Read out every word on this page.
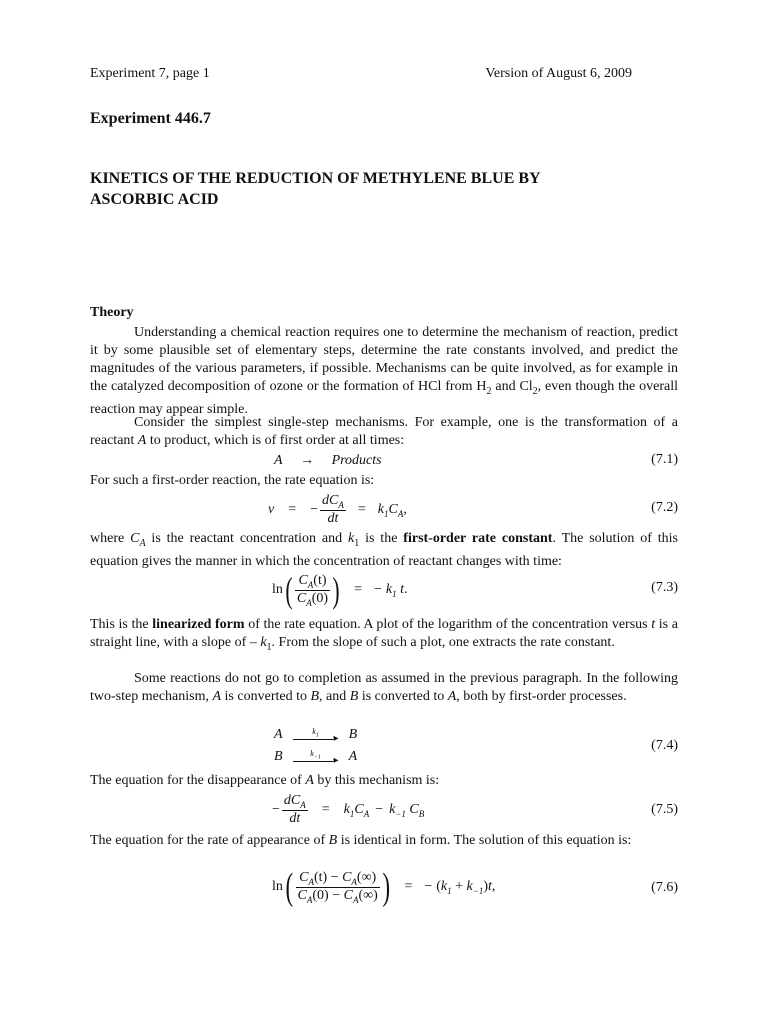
Experiment 7, page 1	Version of August 6, 2009
Experiment 446.7
KINETICS OF THE REDUCTION OF METHYLENE BLUE BY
ASCORBIC ACID
Theory

Understanding a chemical reaction requires one to determine the mechanism of reaction, predict it by some plausible set of elementary steps, determine the rate constants involved, and predict the magnitudes of the various parameters, if possible. Mechanisms can be quite involved, as for example in the catalyzed decomposition of ozone or the formation of HCl from $H_2$ and $Cl_2$, even though the overall reaction may appear simple.

Consider the simplest single-step mechanisms. For example, one is the transformation of a reactant A to product, which is of first order at all times:

A → Products	(7.1)

For such a first-order reaction, the rate equation is:

v = − $\frac{dC_A}{dt} = k_1C_A$ ,	(7.2)

where $C_A$ is the reactant concentration and $k_1$ is the first-order rate constant. The solution of this equation gives the manner in which the concentration of reactant changes with time:

ln ( $\frac{C_A(t)}{C_A(0)}$ ) = − $k_1$
t .	(7.3)

This is the linearized form of the rate equation. A plot of the logarithm of the concentration versus t is a straight line, with a slope of – $k_1$. From the slope of such a plot, one extracts the rate constant.

Some reactions do not go to completion as assumed in the previous paragraph. In the following two-step mechanism, A is converted to B, and B is converted to A, both by first-order processes.

A	$k_1$	▸ B
B	$k_{-1}$	▸ A
(7.4)

The equation for the disappearance of A by this mechanism is:

− $\frac{dC_A}{dt} = k_1C_A - k_{-1}$ $C_B$	(7.5)

The equation for the rate of appearance of B is identical in form. The solution of this equation is:

ln ( $\frac{C_A(t) - C_A(\infty)}{C_A(0) - C_A(\infty)}$ ) = − $(k_1 + k_{-1})t$,	(7.6)
